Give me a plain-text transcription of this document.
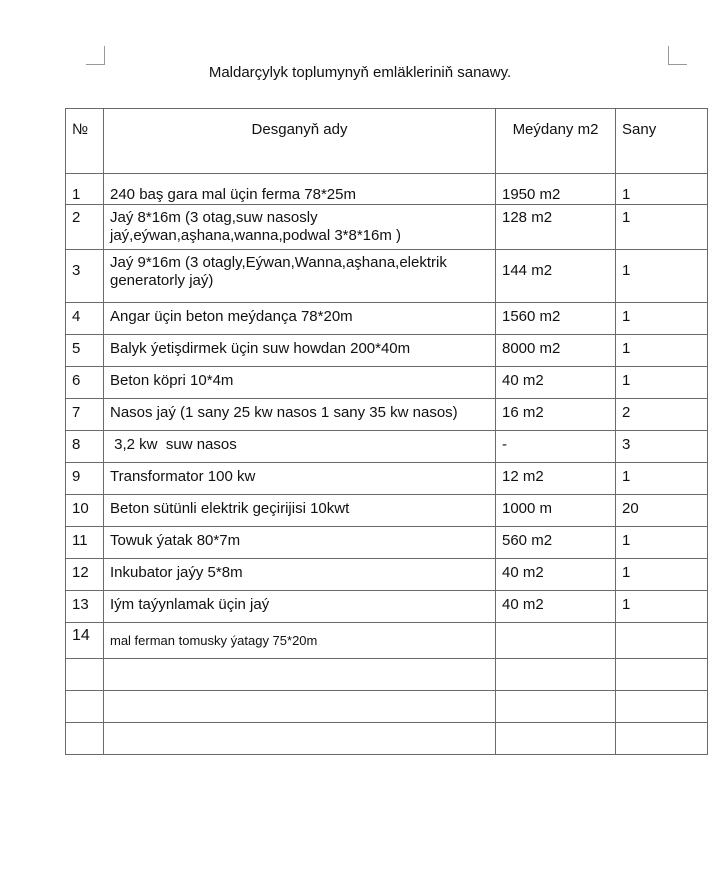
Maldarçylyk toplumynyň emläkleriniň sanawy.
№	Desganyň ady	Meýdany m2	Sany
1	240 baş gara mal üçin ferma 78*25m	1950 m2	1
2	Jaý 8*16m (3 otag,suw nasosly jaý,eýwan,aşhana,wanna,podwal 3*8*16m )	128 m2	1
3	Jaý 9*16m (3 otagly,Eýwan,Wanna,aşhana,elektrik generatorly jaý)	144 m2	1
4	Angar üçin beton meýdança 78*20m	1560 m2	1
5	Balyk ýetişdirmek üçin suw howdan 200*40m	8000 m2	1
6	Beton köpri 10*4m	40 m2	1
7	Nasos jaý (1 sany 25 kw nasos 1 sany 35 kw nasos)	16 m2	2
8	3,2 kw  suw nasos	-	3
9	Transformator 100 kw	12 m2	1
10	Beton sütünli elektrik geçirijisi 10kwt	1000 m	20
11	Towuk ýatak 80*7m	560 m2	1
12	Inkubator jaýy 5*8m	40 m2	1
13	Iým taýynlamak üçin jaý	40 m2	1
14	mal ferman tomusky ýatagy 75*20m		
